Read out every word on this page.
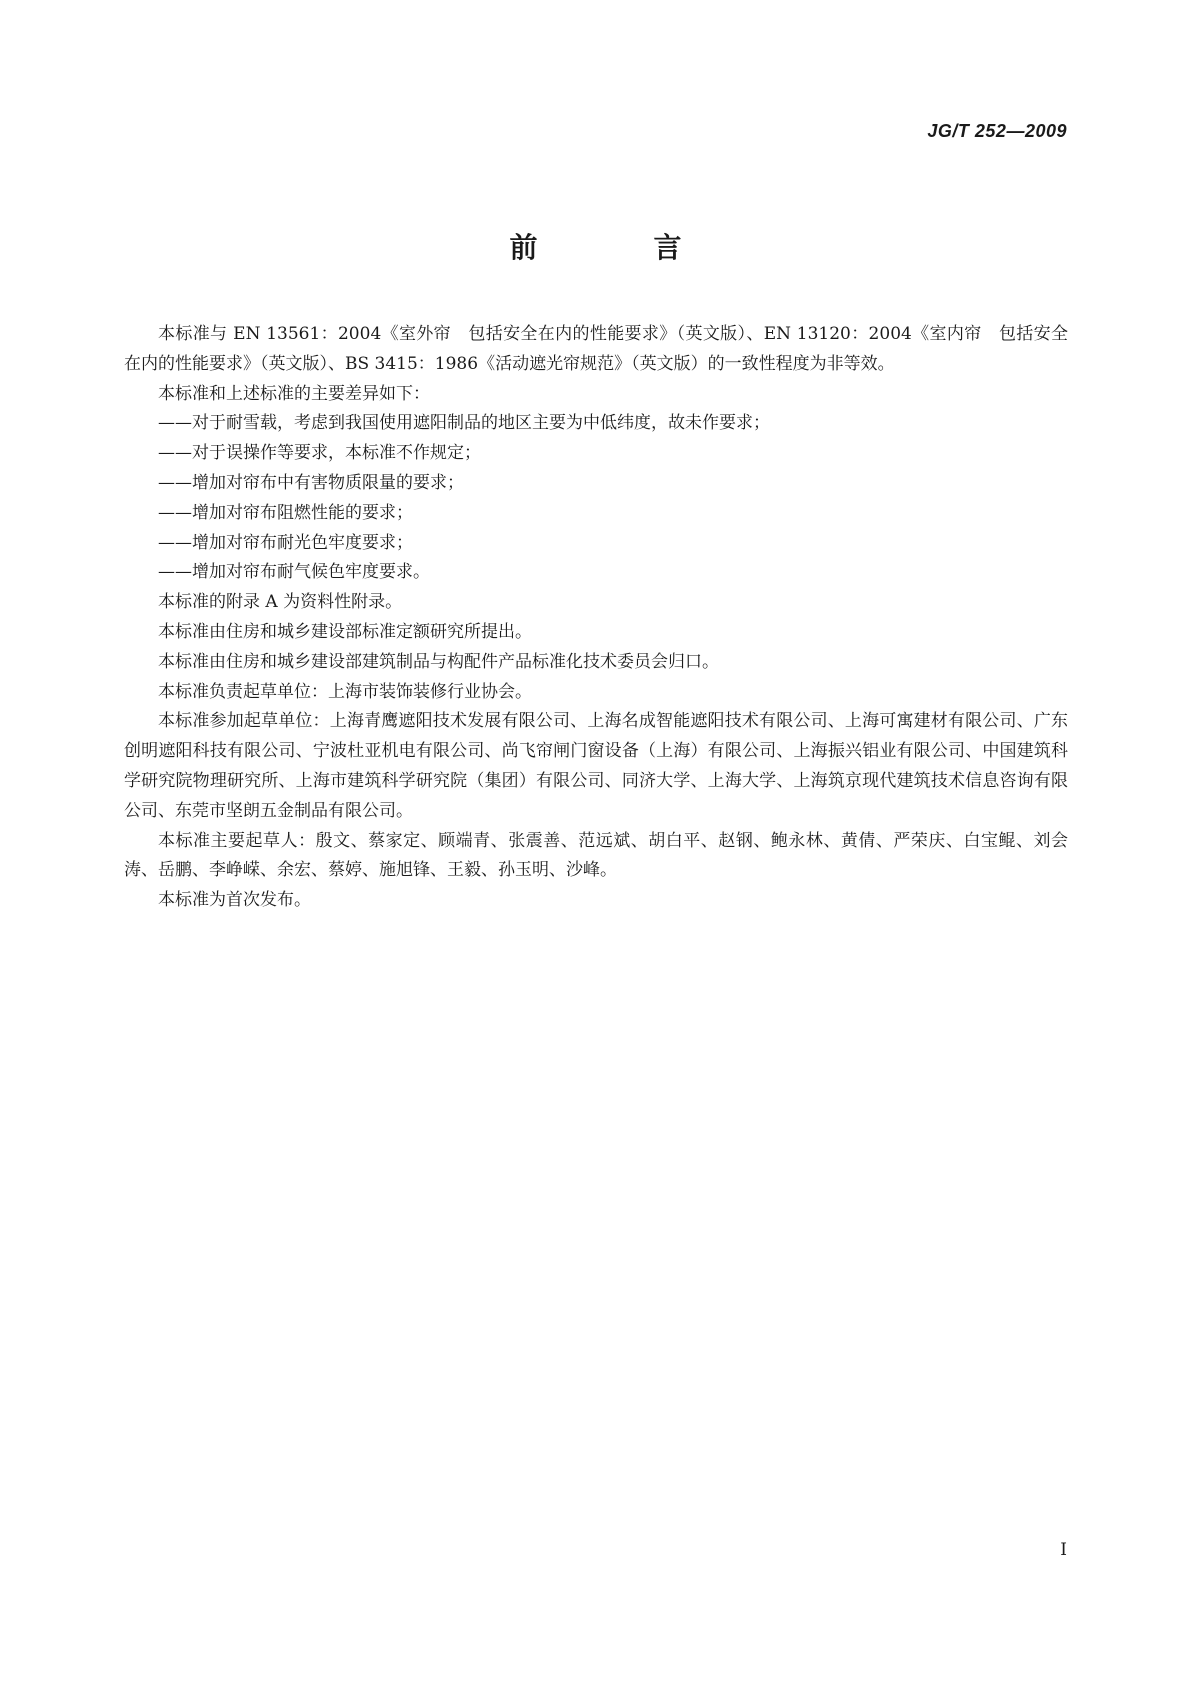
JG/T 252—2009
前　言

本标准与 EN 13561：2004《室外帘　包括安全在内的性能要求》（英文版）、EN 13120：2004《室内帘　包括安全在内的性能要求》（英文版）、BS 3415：1986《活动遮光帘规范》（英文版）的一致性程度为非等效。

本标准和上述标准的主要差异如下：

——对于耐雪载，考虑到我国使用遮阳制品的地区主要为中低纬度，故未作要求；

——对于误操作等要求，本标准不作规定；

——增加对帘布中有害物质限量的要求；

——增加对帘布阻燃性能的要求；

——增加对帘布耐光色牢度要求；

——增加对帘布耐气候色牢度要求。

本标准的附录 A 为资料性附录。

本标准由住房和城乡建设部标准定额研究所提出。

本标准由住房和城乡建设部建筑制品与构配件产品标准化技术委员会归口。

本标准负责起草单位：上海市装饰装修行业协会。

本标准参加起草单位：上海青鹰遮阳技术发展有限公司、上海名成智能遮阳技术有限公司、上海可寓建材有限公司、广东创明遮阳科技有限公司、宁波杜亚机电有限公司、尚飞帘闸门窗设备（上海）有限公司、上海振兴铝业有限公司、中国建筑科学研究院物理研究所、上海市建筑科学研究院（集团）有限公司、同济大学、上海大学、上海筑京现代建筑技术信息咨询有限公司、东莞市坚朗五金制品有限公司。

本标准主要起草人：殷文、蔡家定、顾端青、张震善、范远斌、胡白平、赵钢、鲍永林、黄倩、严荣庆、白宝鲲、刘会涛、岳鹏、李峥嵘、余宏、蔡婷、施旭锋、王毅、孙玉明、沙峰。

本标准为首次发布。

I
